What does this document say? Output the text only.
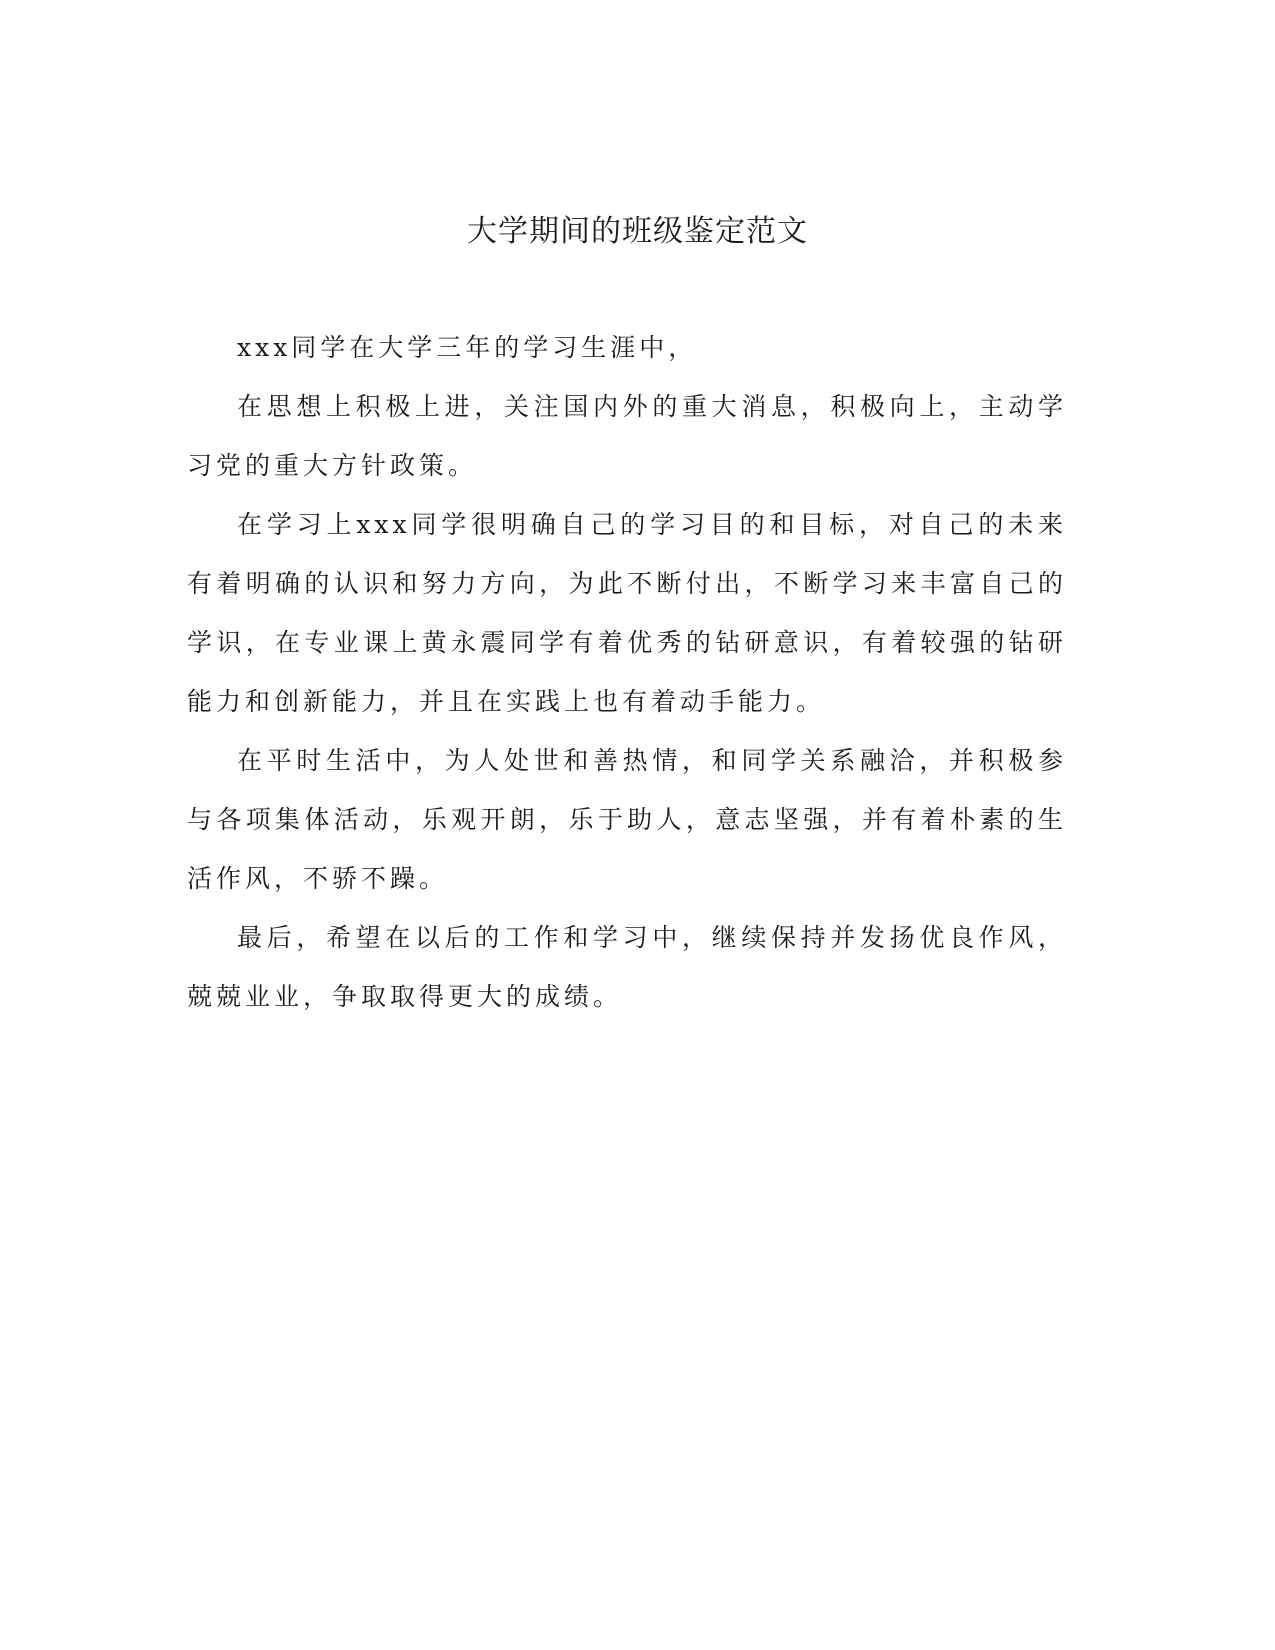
大学期间的班级鉴定范文

xxx同学在大学三年的学习生涯中，

在思想上积极上进，关注国内外的重大消息，积极向上，主动学习党的重大方针政策。

在学习上xxx同学很明确自己的学习目的和目标，对自己的未来有着明确的认识和努力方向，为此不断付出，不断学习来丰富自己的学识，在专业课上黄永震同学有着优秀的钻研意识，有着较强的钻研能力和创新能力，并且在实践上也有着动手能力。

在平时生活中，为人处世和善热情，和同学关系融洽，并积极参与各项集体活动，乐观开朗，乐于助人，意志坚强，并有着朴素的生活作风，不骄不躁。

最后，希望在以后的工作和学习中，继续保持并发扬优良作风，兢兢业业，争取取得更大的成绩。
